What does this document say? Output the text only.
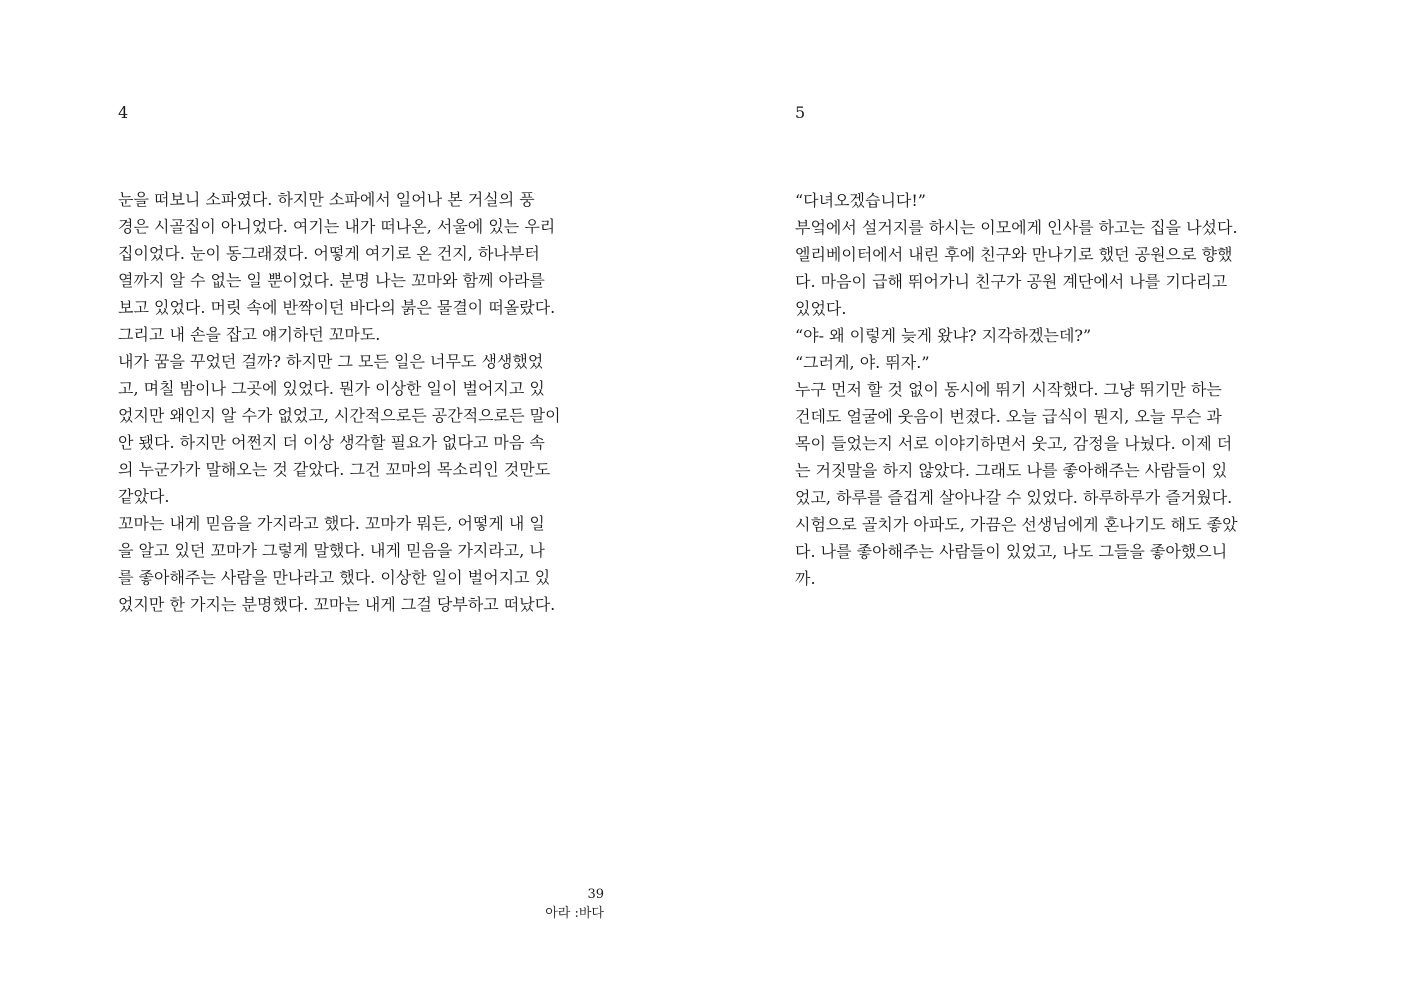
4	5
눈을 떠보니 소파였다. 하지만 소파에서 일어나 본 거실의 풍
경은 시골집이 아니었다. 여기는 내가 떠나온, 서울에 있는 우리
집이었다. 눈이 동그래졌다. 어떻게 여기로 온 건지, 하나부터
열까지 알 수 없는 일 뿐이었다. 분명 나는 꼬마와 함께 아라를
보고 있었다. 머릿 속에 반짝이던 바다의 붉은 물결이 떠올랐다.
그리고 내 손을 잡고 얘기하던 꼬마도.
내가 꿈을 꾸었던 걸까? 하지만 그 모든 일은 너무도 생생했었
고, 며칠 밤이나 그곳에 있었다. 뭔가 이상한 일이 벌어지고 있
었지만 왜인지 알 수가 없었고, 시간적으로든 공간적으로든 말이
안 됐다. 하지만 어쩐지 더 이상 생각할 필요가 없다고 마음 속
의 누군가가 말해오는 것 같았다. 그건 꼬마의 목소리인 것만도
같았다.
꼬마는 내게 믿음을 가지라고 했다. 꼬마가 뭐든, 어떻게 내 일
을 알고 있던 꼬마가 그렇게 말했다. 내게 믿음을 가지라고, 나
를 좋아해주는 사람을 만나라고 했다. 이상한 일이 벌어지고 있
었지만 한 가지는 분명했다. 꼬마는 내게 그걸 당부하고 떠났다.
“다녀오겠습니다!”
부엌에서 설거지를 하시는 이모에게 인사를 하고는 집을 나섰다.
엘리베이터에서 내린 후에 친구와 만나기로 했던 공원으로 향했
다. 마음이 급해 뛰어가니 친구가 공원 계단에서 나를 기다리고
있었다.
“야- 왜 이렇게 늦게 왔냐? 지각하겠는데?”
“그러게, 야. 뛰자.”
누구 먼저 할 것 없이 동시에 뛰기 시작했다. 그냥 뛰기만 하는
건데도 얼굴에 웃음이 번졌다. 오늘 급식이 뭔지, 오늘 무슨 과
목이 들었는지 서로 이야기하면서 웃고, 감정을 나눴다. 이제 더
는 거짓말을 하지 않았다. 그래도 나를 좋아해주는 사람들이 있
었고, 하루를 즐겁게 살아나갈 수 있었다. 하루하루가 즐거웠다.
시험으로 골치가 아파도, 가끔은 선생님에게 혼나기도 해도 좋았
다. 나를 좋아해주는 사람들이 있었고, 나도 그들을 좋아했으니
까.
39
아라 :바다
